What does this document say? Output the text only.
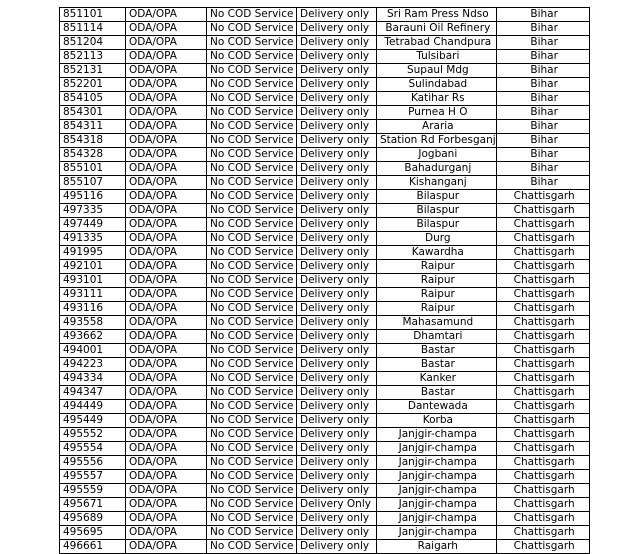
851101	ODA/OPA	No COD Service	Delivery only	Sri Ram Press Ndso	Bihar
851114	ODA/OPA	No COD Service	Delivery only	Barauni Oil Refinery	Bihar
851204	ODA/OPA	No COD Service	Delivery only	Tetrabad Chandpura	Bihar
852113	ODA/OPA	No COD Service	Delivery only	Tulsibari	Bihar
852131	ODA/OPA	No COD Service	Delivery only	Supaul Mdg	Bihar
852201	ODA/OPA	No COD Service	Delivery only	Sulindabad	Bihar
854105	ODA/OPA	No COD Service	Delivery only	Katihar Rs	Bihar
854301	ODA/OPA	No COD Service	Delivery only	Purnea H O	Bihar
854311	ODA/OPA	No COD Service	Delivery only	Araria	Bihar
854318	ODA/OPA	No COD Service	Delivery only	Station Rd Forbesganj	Bihar
854328	ODA/OPA	No COD Service	Delivery only	Jogbani	Bihar
855101	ODA/OPA	No COD Service	Delivery only	Bahadurganj	Bihar
855107	ODA/OPA	No COD Service	Delivery only	Kishanganj	Bihar
495116	ODA/OPA	No COD Service	Delivery only	Bilaspur	Chattisgarh
497335	ODA/OPA	No COD Service	Delivery only	Bilaspur	Chattisgarh
497449	ODA/OPA	No COD Service	Delivery only	Bilaspur	Chattisgarh
491335	ODA/OPA	No COD Service	Delivery only	Durg	Chattisgarh
491995	ODA/OPA	No COD Service	Delivery only	Kawardha	Chattisgarh
492101	ODA/OPA	No COD Service	Delivery only	Raipur	Chattisgarh
493101	ODA/OPA	No COD Service	Delivery only	Raipur	Chattisgarh
493111	ODA/OPA	No COD Service	Delivery only	Raipur	Chattisgarh
493116	ODA/OPA	No COD Service	Delivery only	Raipur	Chattisgarh
493558	ODA/OPA	No COD Service	Delivery only	Mahasamund	Chattisgarh
493662	ODA/OPA	No COD Service	Delivery only	Dhamtari	Chattisgarh
494001	ODA/OPA	No COD Service	Delivery only	Bastar	Chattisgarh
494223	ODA/OPA	No COD Service	Delivery only	Bastar	Chattisgarh
494334	ODA/OPA	No COD Service	Delivery only	Kanker	Chattisgarh
494347	ODA/OPA	No COD Service	Delivery only	Bastar	Chattisgarh
494449	ODA/OPA	No COD Service	Delivery only	Dantewada	Chattisgarh
495449	ODA/OPA	No COD Service	Delivery only	Korba	Chattisgarh
495552	ODA/OPA	No COD Service	Delivery only	Janjgir-champa	Chattisgarh
495554	ODA/OPA	No COD Service	Delivery only	Janjgir-champa	Chattisgarh
495556	ODA/OPA	No COD Service	Delivery only	Janjgir-champa	Chattisgarh
495557	ODA/OPA	No COD Service	Delivery only	Janjgir-champa	Chattisgarh
495559	ODA/OPA	No COD Service	Delivery only	Janjgir-champa	Chattisgarh
495671	ODA/OPA	No COD Service	Delivery Only	Janjgir-champa	Chattisgarh
495689	ODA/OPA	No COD Service	Delivery only	Janjgir-champa	Chattisgarh
495695	ODA/OPA	No COD Service	Delivery only	Janjgir-champa	Chattisgarh
496661	ODA/OPA	No COD Service	Delivery only	Raigarh	Chattisgarh
